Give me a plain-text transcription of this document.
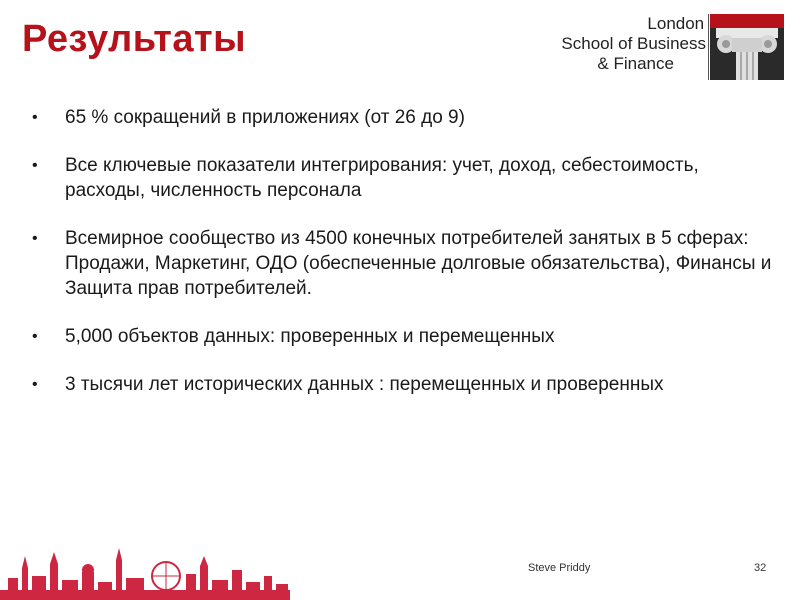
Результаты	London
School of Business
& Finance
• 65 % сокращений в приложениях (от 26 до 9)
• Все ключевые показатели интегрирования: учет, доход, себестоимость, расходы, численность персонала
• Всемирное сообщество из 4500 конечных потребителей занятых в 5 сферах: Продажи, Маркетинг, ОДО (обеспеченные долговые обязательства), Финансы и Защита прав потребителей.
• 5,000 объектов данных: проверенных и перемещенных
• 3 тысячи лет исторических данных : перемещенных и проверенных
Steve Priddy	32
